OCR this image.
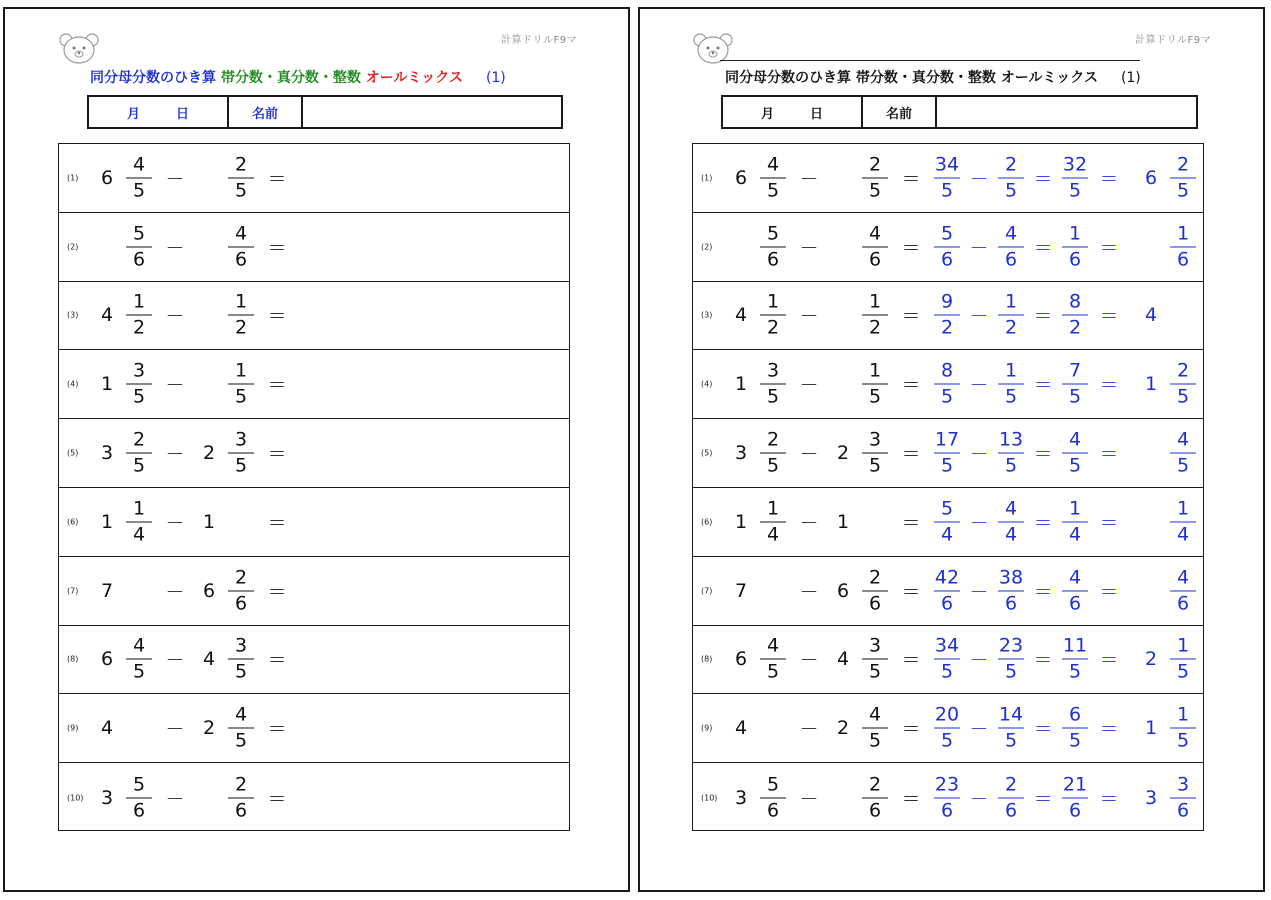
計算ドリルF9マ
同分母分数のひき算 帯分数・真分数・整数 オールミックス (1)
月	日	名前
(1) $6 \frac{4}{5} - \frac{2}{5}$ ＝
(2)	$\frac{5}{6} - \frac{4}{6}$ ＝
(3) $4 \frac{1}{2} - \frac{1}{2}$ ＝
(4) $1 \frac{3}{5} - \frac{1}{5}$ ＝
(5) $3 \frac{2}{5} - 2 \frac{3}{5}$ ＝
(6) $1 \frac{1}{4} - 1$	＝
(7) 7	－ $6 \frac{2}{6}$ ＝
(8) $6 \frac{4}{5} - 4 \frac{3}{5}$ ＝
(9) 4	－ $2 \frac{4}{5}$ ＝
(10) $3 \frac{5}{6} - \frac{2}{6}$ ＝
計算ドリルF9マ
同分母分数のひき算 帯分数・真分数・整数 オールミックス (1)
月	日	名前
(1) $6 \frac{4}{5} - \frac{2}{5} = \frac{34}{5} - \frac{2}{5} = \frac{32}{5} = 6 \frac{2}{5}$
(2)	$\frac{5}{6} - \frac{4}{6} = \frac{5}{6} - \frac{4}{6} = \frac{1}{6}$ ＝	$\frac{1}{6}$
(3) $4 \frac{1}{2} - \frac{1}{2} = \frac{9}{2} - \frac{1}{2} = \frac{8}{2} = 4$
(4) $1 \frac{3}{5} - \frac{1}{5} = \frac{8}{5} - \frac{1}{5} = \frac{7}{5} = 1 \frac{2}{5}$
(5) $3 \frac{2}{5} - 2 \frac{3}{5} = \frac{17}{5} - \frac{13}{5} = \frac{4}{5}$ ＝	$\frac{4}{5}$
(6) $1 \frac{1}{4} - 1$	＝ $\frac{5}{4} - \frac{4}{4} = \frac{1}{4}$ ＝	$\frac{1}{4}$
(7) 7	－ $6 \frac{2}{6} = \frac{42}{6} - \frac{38}{6} = \frac{4}{6}$ ＝	$\frac{4}{6}$
(8) $6 \frac{4}{5} - 4 \frac{3}{5} = \frac{34}{5} - \frac{23}{5} = \frac{11}{5} = 2 \frac{1}{5}$
(9) 4	－ $2 \frac{4}{5} = \frac{20}{5} - \frac{14}{5} = \frac{6}{5} = 1 \frac{1}{5}$
(10) $3 \frac{5}{6} - \frac{2}{6} = \frac{23}{6} - \frac{2}{6} = \frac{21}{6} = 3 \frac{3}{6}$
